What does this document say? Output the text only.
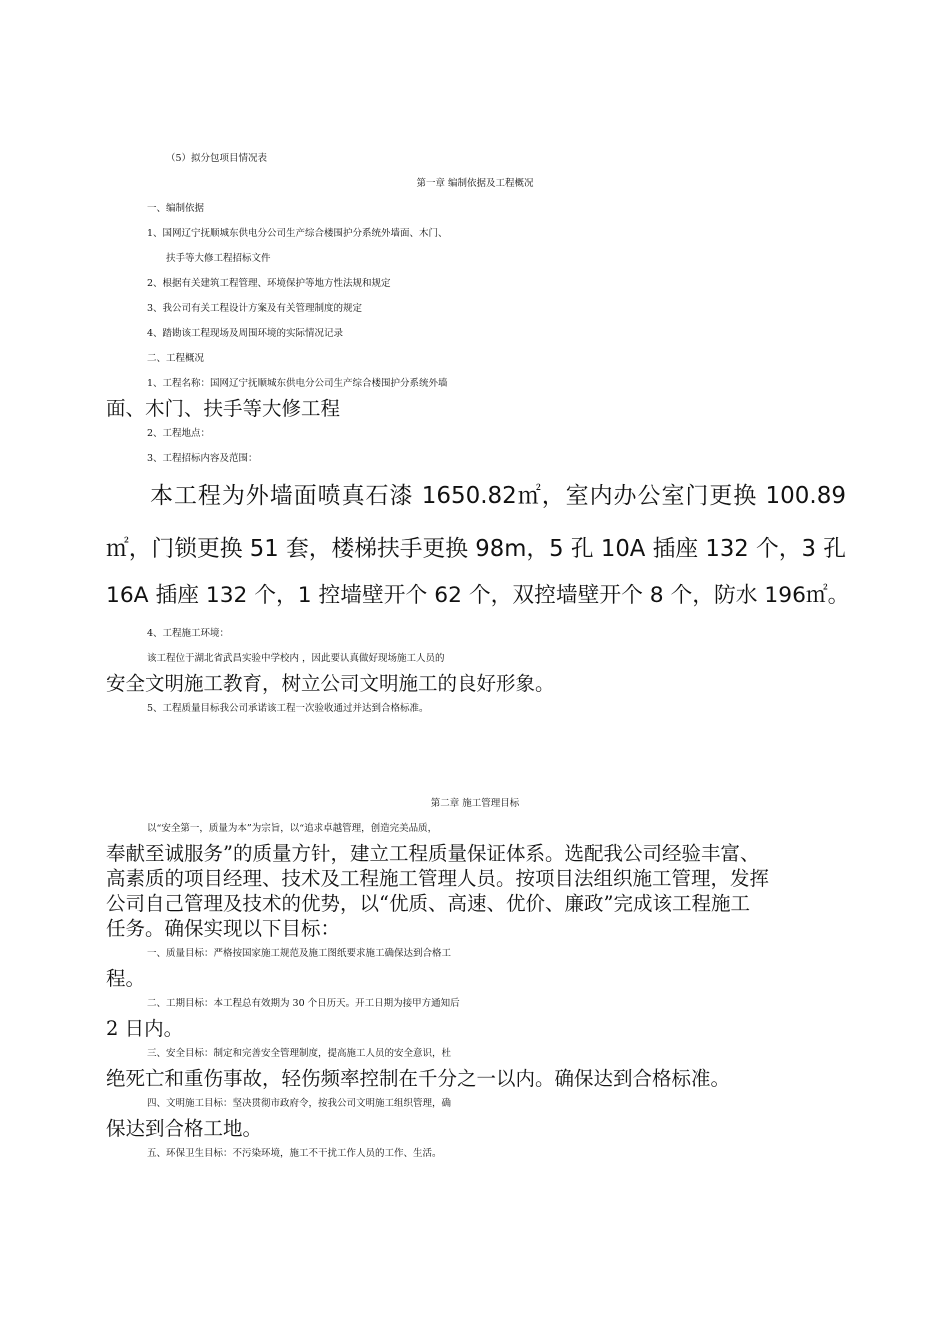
（5）拟分包项目情况表

第一章 编制依据及工程概况

一、编制依据

1、国网辽宁抚顺城东供电分公司生产综合楼围护分系统外墙面、木门、

扶手等大修工程招标文件

2、根据有关建筑工程管理、环境保护等地方性法规和规定

3、我公司有关工程设计方案及有关管理制度的规定

4、踏勘该工程现场及周围环境的实际情况记录

二、工程概况

1、工程名称：国网辽宁抚顺城东供电分公司生产综合楼围护分系统外墙

面、木门、扶手等大修工程

2、工程地点：

3、工程招标内容及范围：

本工程为外墙面喷真石漆 1650.82㎡，室内办公室门更换 100.89

㎡，门锁更换 51 套，楼梯扶手更换 98m，5 孔 10A 插座 132 个，3 孔

16A 插座 132 个，1 控墙壁开个 62 个，双控墙壁开个 8 个，防水 196㎡。

4、工程施工环境：

该工程位于湖北省武昌实验中学校内 ，因此要认真做好现场施工人员的

安全文明施工教育，树立公司文明施工的良好形象。

5、工程质量目标我公司承诺该工程一次验收通过并达到合格标准。

第二章 施工管理目标

以“安全第一，质量为本”为宗旨，以“追求卓越管理，创造完美品质，

奉献至诚服务”的质量方针，建立工程质量保证体系。选配我公司经验丰富、

高素质的项目经理、技术及工程施工管理人员。按项目法组织施工管理，发挥

公司自己管理及技术的优势，以“优质、高速、优价、廉政”完成该工程施工

任务。确保实现以下目标：

一、质量目标：严格按国家施工规范及施工图纸要求施工确保达到合格工

程。

二、工期目标：本工程总有效期为 30 个日历天。开工日期为接甲方通知后

2 日内。

三、安全目标：制定和完善安全管理制度，提高施工人员的安全意识，杜

绝死亡和重伤事故，轻伤频率控制在千分之一以内。确保达到合格标准。

四、文明施工目标：坚决贯彻市政府令，按我公司文明施工组织管理，确

保达到合格工地。

五、环保卫生目标：不污染环境，施工不干扰工作人员的工作、生活。
